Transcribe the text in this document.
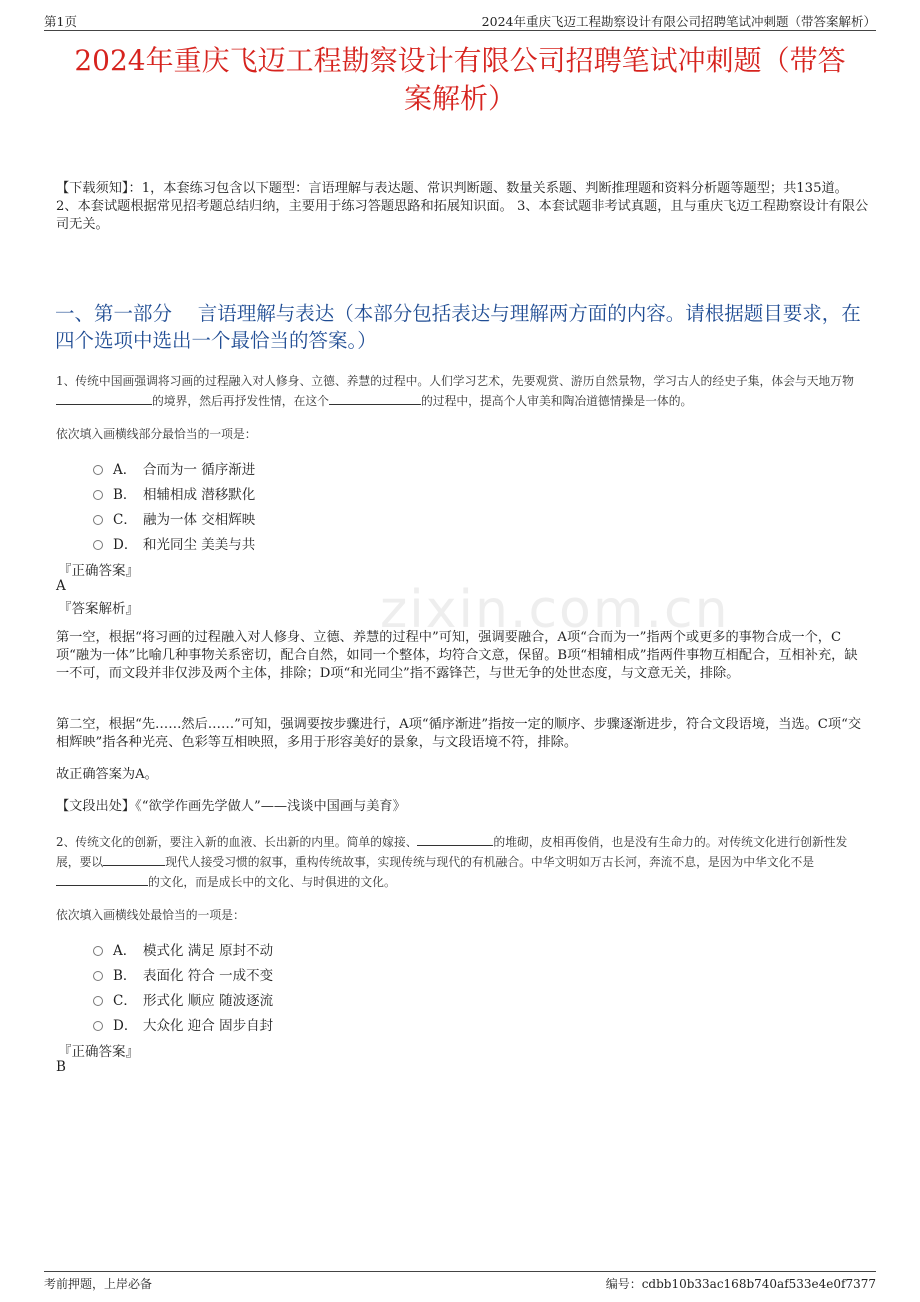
第1页	2024年重庆飞迈工程勘察设计有限公司招聘笔试冲刺题（带答案解析）
2024年重庆飞迈工程勘察设计有限公司招聘笔试冲刺题（带答
案解析）
【下载须知】：1，本套练习包含以下题型：言语理解与表达题、常识判断题、数量关系题、判断推理题和资料分析题等题型；共135道。 2、本套试题根据常见招考题总结归纳，主要用于练习答题思路和拓展知识面。 3、本套试题非考试真题，且与重庆飞迈工程勘察设计有限公司无关。
一、第一部分　 言语理解与表达（本部分包括表达与理解两方面的内容。请根据题目要求，在四个选项中选出一个最恰当的答案。）
zixin.com.cn
1、传统中国画强调将习画的过程融入对人修身、立德、养慧的过程中。人们学习艺术，先要观赏、游历自然景物，学习古人的经史子集，体会与天地万物的境界，然后再抒发性情，在这个	的过程中，提高个人审美和陶冶道德情操是一体的。
依次填入画横线部分最恰当的一项是：
A． 合而为一 循序渐进
B． 相辅相成 潜移默化
C． 融为一体 交相辉映
D． 和光同尘 美美与共
『正确答案』
A
『答案解析』
第一空，根据“将习画的过程融入对人修身、立德、养慧的过程中”可知，强调要融合，A项“合而为一”指两个或更多的事物合成一个，C项“融为一体”比喻几种事物关系密切，配合自然，如同一个整体，均符合文意，保留。B项“相辅相成”指两件事物互相配合，互相补充，缺一不可，而文段并非仅涉及两个主体，排除；D项“和光同尘”指不露锋芒，与世无争的处世态度，与文意无关，排除。
第二空，根据“先……然后……”可知，强调要按步骤进行，A项“循序渐进”指按一定的顺序、步骤逐渐进步，符合文段语境，当选。C项“交相辉映”指各种光亮、色彩等互相映照，多用于形容美好的景象，与文段语境不符，排除。
故正确答案为A。
【文段出处】《“欲学作画先学做人”——浅谈中国画与美育》
2、传统文化的创新，要注入新的血液、长出新的内里。简单的嫁接、	的堆砌，皮相再俊俏，也是没有生命力的。对传统文化进行创新性发展，要以	现代人接受习惯的叙事，重构传统故事，实现传统与现代的有机融合。中华文明如万古长河，奔流不息，是因为中华文化不是的文化，而是成长中的文化、与时俱进的文化。
依次填入画横线处最恰当的一项是：
A． 模式化 满足 原封不动
B． 表面化 符合 一成不变
C． 形式化 顺应 随波逐流
D． 大众化 迎合 固步自封
『正确答案』
B
考前押题，上岸必备	编号：cdbb10b33ac168b740af533e4e0f7377
